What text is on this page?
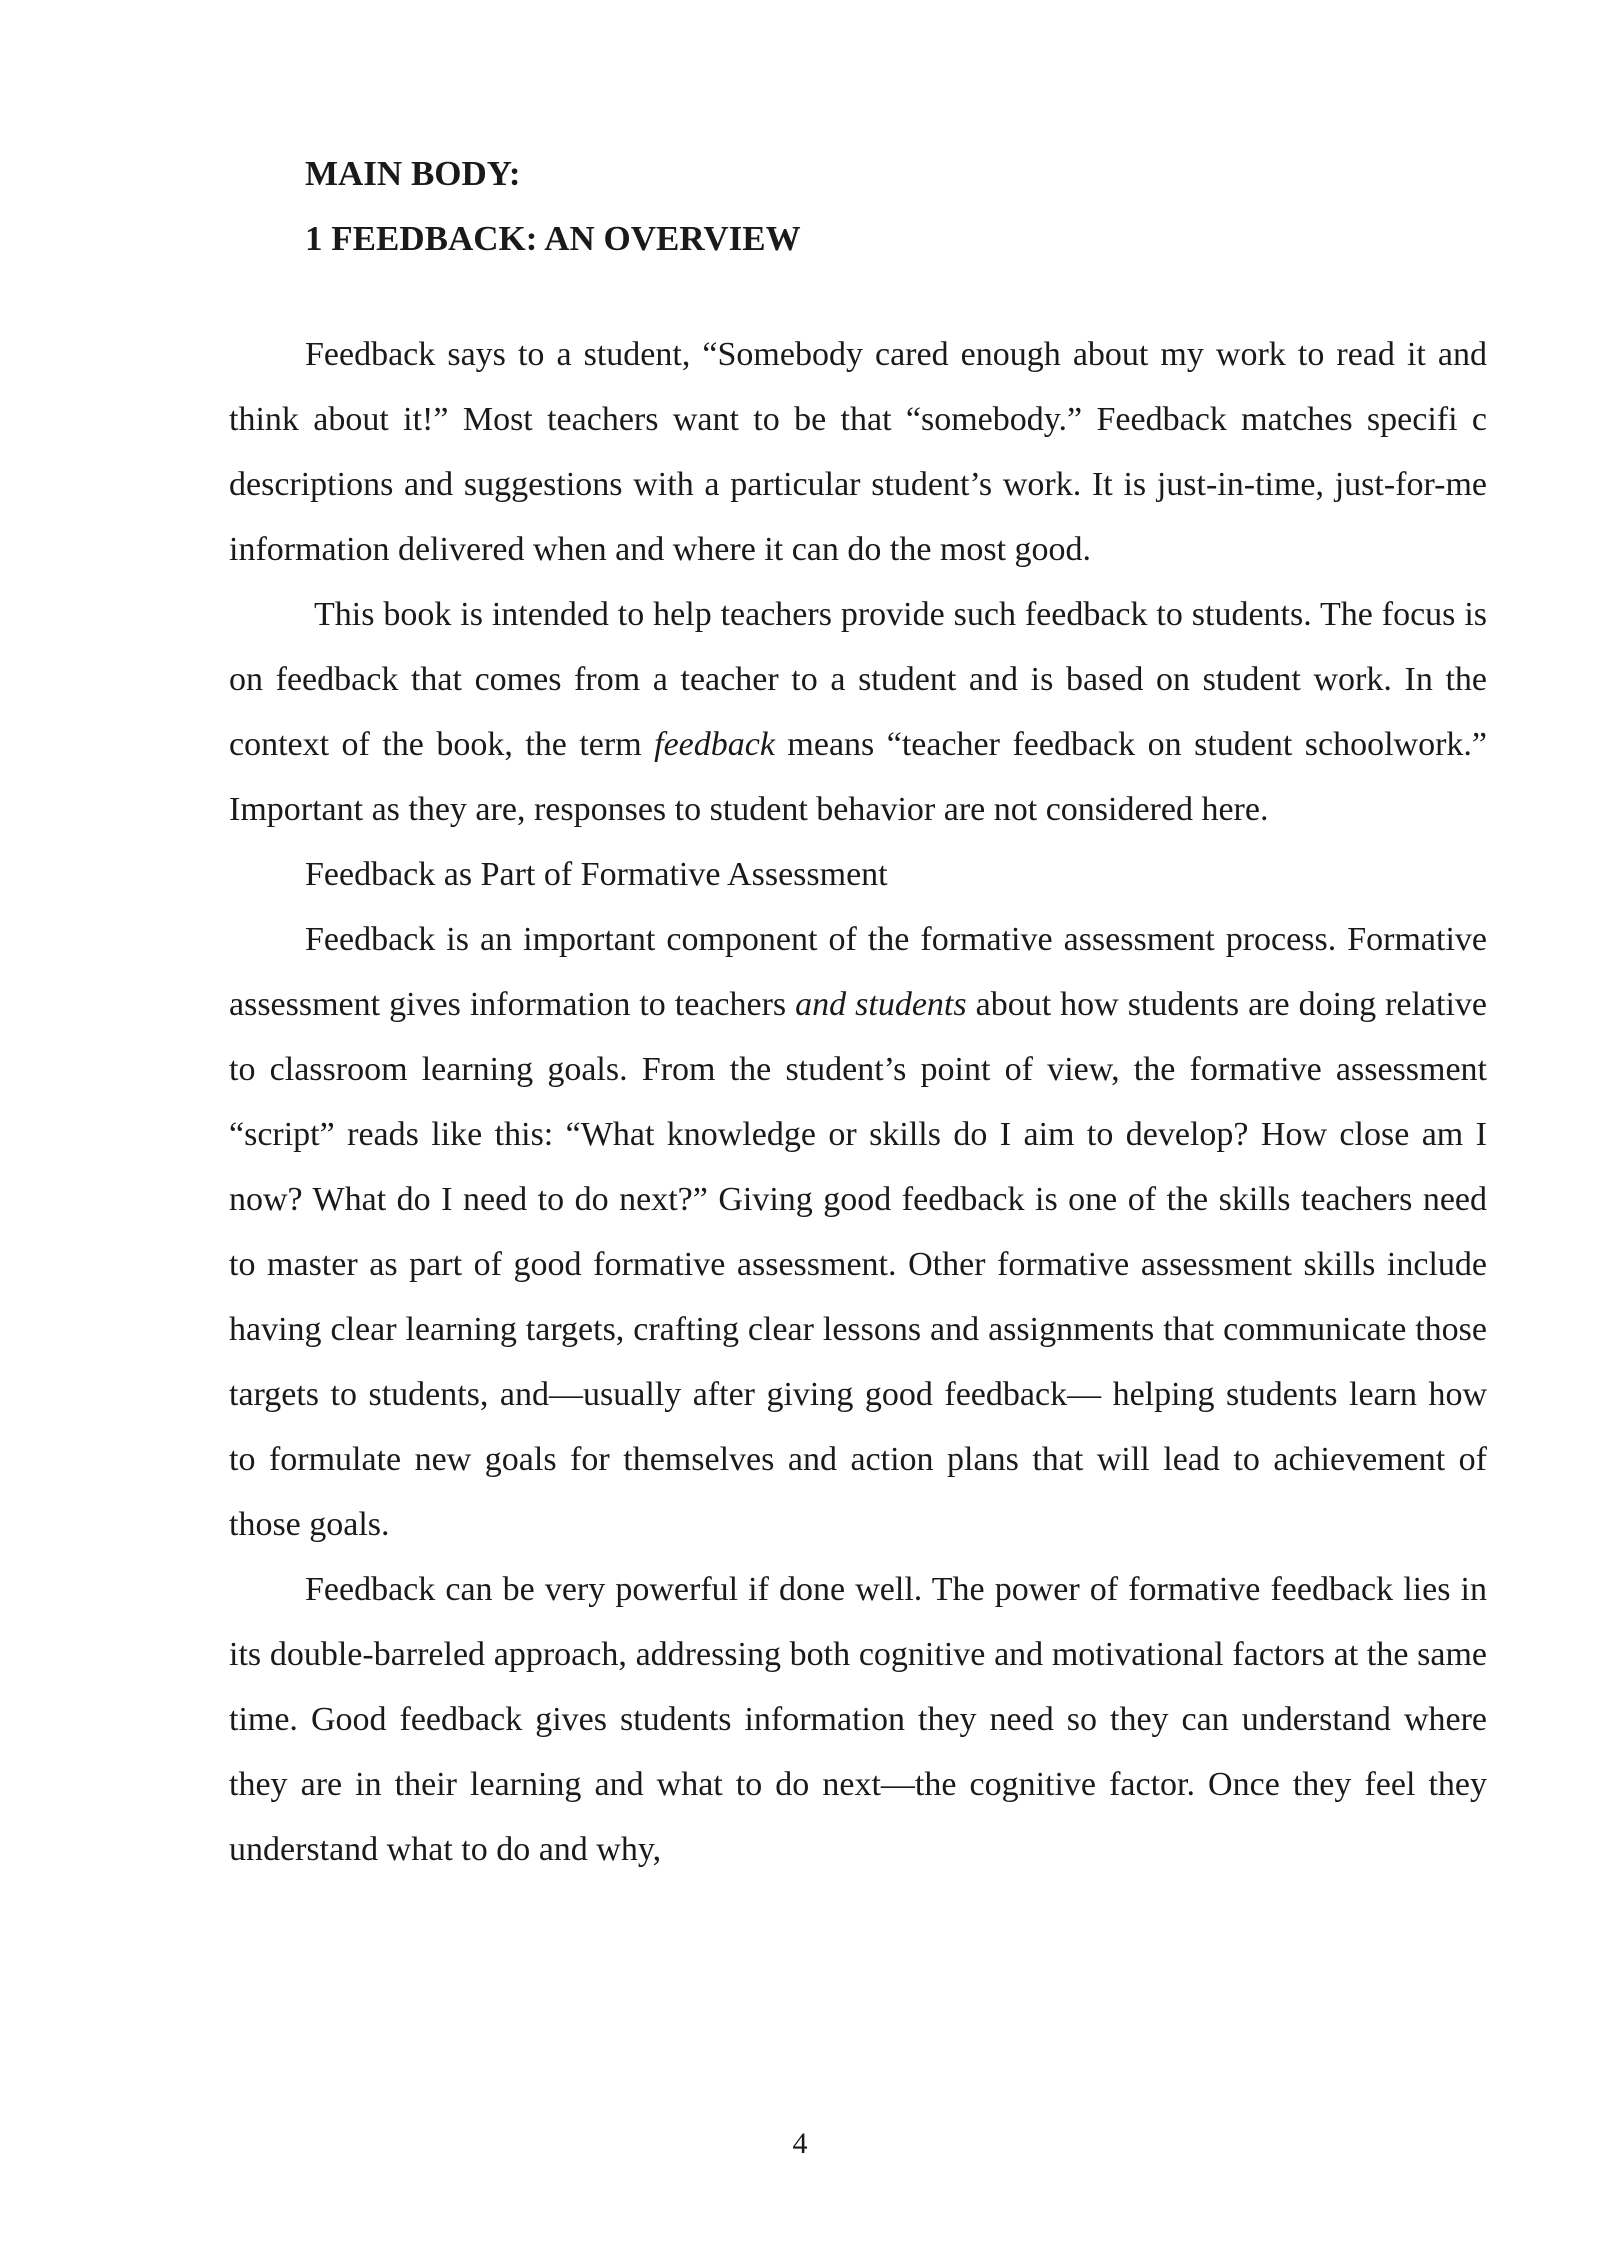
MAIN BODY:
1 FEEDBACK: AN OVERVIEW

Feedback says to a student, “Somebody cared enough about my work to read it and think about it!” Most teachers want to be that “somebody.” Feedback matches specifi c descriptions and suggestions with a particular student’s work. It is just-in-time, just-for-me information delivered when and where it can do the most good.

This book is intended to help teachers provide such feedback to students. The focus is on feedback that comes from a teacher to a student and is based on student work. In the context of the book, the term feedback means “teacher feedback on student schoolwork.” Important as they are, responses to student behavior are not considered here.

Feedback as Part of Formative Assessment

Feedback is an important component of the formative assessment process. Formative assessment gives information to teachers and students about how students are doing relative to classroom learning goals. From the student’s point of view, the formative assessment “script” reads like this: “What knowledge or skills do I aim to develop? How close am I now? What do I need to do next?” Giving good feedback is one of the skills teachers need to master as part of good formative assessment. Other formative assessment skills include having clear learning targets, crafting clear lessons and assignments that communicate those targets to students, and—usually after giving good feedback— helping students learn how to formulate new goals for themselves and action plans that will lead to achievement of those goals.

Feedback can be very powerful if done well. The power of formative feedback lies in its double-barreled approach, addressing both cognitive and motivational factors at the same time. Good feedback gives students information they need so they can understand where they are in their learning and what to do next—the cognitive factor. Once they feel they understand what to do and why,

4
